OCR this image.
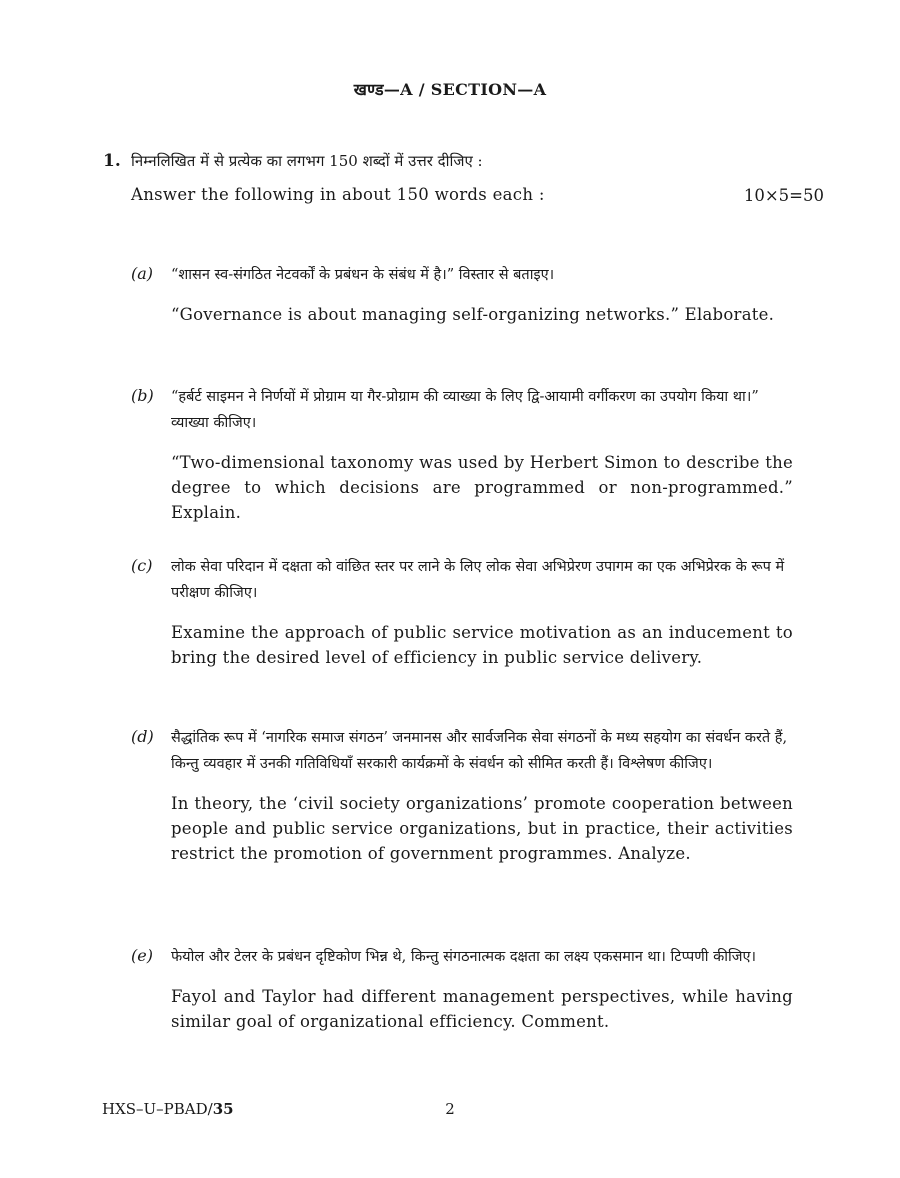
खण्ड—A / SECTION—A
1. निम्नलिखित में से प्रत्येक का लगभग 150 शब्दों में उत्तर दीजिए :
Answer the following in about 150 words each :	10×5=50
(a) “शासन स्व-संगठित नेटवर्कों के प्रबंधन के संबंध में है।” विस्तार से बताइए।
“Governance is about managing self-organizing networks.” Elaborate.
(b) “हर्बर्ट साइमन ने निर्णयों में प्रोग्राम या गैर-प्रोग्राम की व्याख्या के लिए द्वि-आयामी वर्गीकरण का उपयोग किया था।” व्याख्या कीजिए।
“Two-dimensional taxonomy was used by Herbert Simon to describe the degree to which decisions are programmed or non-programmed.” Explain.
(c) लोक सेवा परिदान में दक्षता को वांछित स्तर पर लाने के लिए लोक सेवा अभिप्रेरण उपागम का एक अभिप्रेरक के रूप में परीक्षण कीजिए।
Examine the approach of public service motivation as an inducement to bring the desired level of efficiency in public service delivery.
(d) सैद्धांतिक रूप में ‘नागरिक समाज संगठन’ जनमानस और सार्वजनिक सेवा संगठनों के मध्य सहयोग का संवर्धन करते हैं, किन्तु व्यवहार में उनकी गतिविधियाँ सरकारी कार्यक्रमों के संवर्धन को सीमित करती हैं। विश्लेषण कीजिए।
In theory, the ‘civil society organizations’ promote cooperation between people and public service organizations, but in practice, their activities restrict the promotion of government programmes. Analyze.
(e) फेयोल और टेलर के प्रबंधन दृष्टिकोण भिन्न थे, किन्तु संगठनात्मक दक्षता का लक्ष्य एकसमान था। टिप्पणी कीजिए।
Fayol and Taylor had different management perspectives, while having similar goal of organizational efficiency. Comment.
HXS–U–PBAD/35	2
